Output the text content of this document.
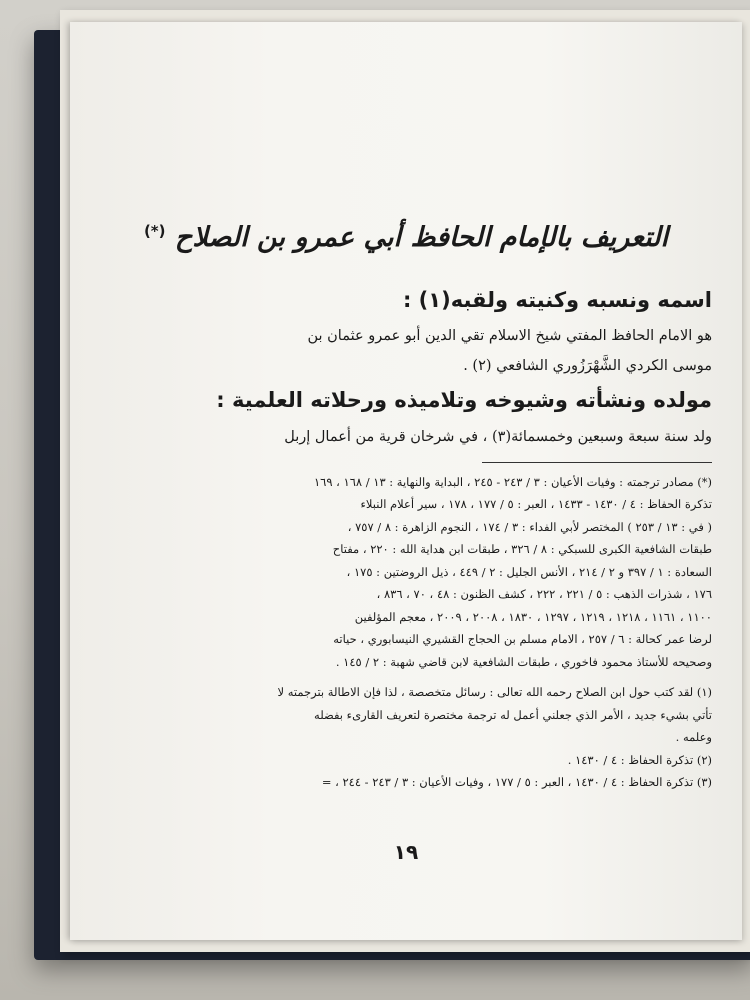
التعريف بالإمام الحافظ أبي عمرو بن الصلاح (*)
اسمه ونسبه وكنيته ولقبه(١) :

هو الامام الحافظ المفتي شيخ الاسلام تقي الدين أبو عمرو عثمان بن
موسى الكردي الشَّهْرَزُوري الشافعي (٢) .

مولده ونشأته وشيوخه وتلاميذه ورحلاته العلمية :

ولد سنة سبعة وسبعين وخمسمائة(٣) ، في شرخان قرية من أعمال إربل

(*) مصادر ترجمته : وفيات الأعيان : ٣ / ٢٤٣ - ٢٤٥ ، البداية والنهاية : ١٣ / ١٦٨ ، ١٦٩
تذكرة الحفاظ : ٤ / ١٤٣٠ - ١٤٣٣ ، العبر : ٥ / ١٧٧ ، ١٧٨ ، سير أعلام النبلاء
( في : ١٣ / ٢٥٣ ) المختصر لأبي الفداء : ٣ / ١٧٤ ، النجوم الزاهرة : ٨ / ٧٥٧ ،
طبقات الشافعية الكبرى للسبكي : ٨ / ٣٢٦ ، طبقات ابن هداية الله : ٢٢٠ ، مفتاح
السعادة : ١ / ٣٩٧ و ٢ / ٢١٤ ، الأنس الجليل : ٢ / ٤٤٩ ، ذيل الروضتين : ١٧٥ ،
١٧٦ ، شذرات الذهب : ٥ / ٢٢١ ، ٢٢٢ ، كشف الظنون : ٤٨ ، ٧٠ ، ٨٣٦ ،
١١٠٠ ، ١١٦١ ، ١٢١٨ ، ١٢١٩ ، ١٢٩٧ ، ١٨٣٠ ، ٢٠٠٨ ، ٢٠٠٩ ، معجم المؤلفين
لرضا عمر كحالة : ٦ / ٢٥٧ ، الامام مسلم بن الحجاج القشيري النيسابوري ، حياته
وصحيحه للأستاذ محمود فاخوري ، طبقات الشافعية لابن قاضي شهبة : ٢ / ١٤٥ .
(١) لقد كتب حول ابن الصلاح رحمه الله تعالى : رسائل متخصصة ، لذا فإن الاطالة بترجمته لا
تأتي بشيء جديد ، الأمر الذي جعلني أعمل له ترجمة مختصرة لتعريف القارىء بفضله
وعلمه .
(٢) تذكرة الحفاظ : ٤ / ١٤٣٠ .
(٣) تذكرة الحفاظ : ٤ / ١٤٣٠ ، العبر : ٥ / ١٧٧ ، وفيات الأعيان : ٣ / ٢٤٣ - ٢٤٤ ، =
١٩
